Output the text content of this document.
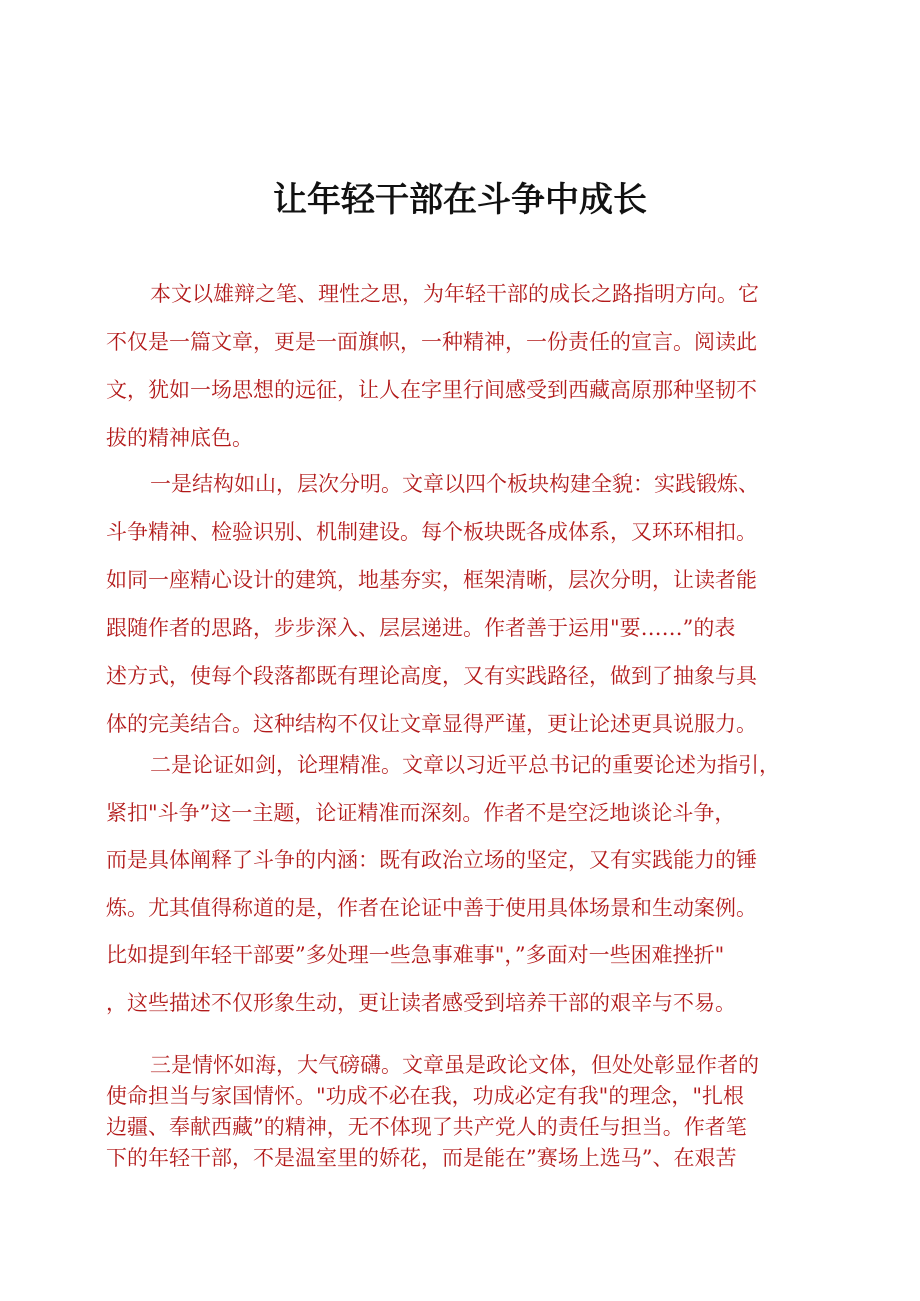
让年轻干部在斗争中成长
本文以雄辩之笔、理性之思，为年轻干部的成长之路指明方向。它
不仅是一篇文章，更是一面旗帜，一种精神，一份责任的宣言。阅读此
文，犹如一场思想的远征，让人在字里行间感受到西藏高原那种坚韧不
拔的精神底色。
一是结构如山，层次分明。文章以四个板块构建全貌：实践锻炼、
斗争精神、检验识别、机制建设。每个板块既各成体系，又环环相扣。
如同一座精心设计的建筑，地基夯实，框架清晰，层次分明，让读者能
跟随作者的思路，步步深入、层层递进。作者善于运用"要……”的表
述方式，使每个段落都既有理论高度，又有实践路径，做到了抽象与具
体的完美结合。这种结构不仅让文章显得严谨，更让论述更具说服力。
二是论证如剑，论理精准。文章以习近平总书记的重要论述为指引，
紧扣"斗争”这一主题，论证精准而深刻。作者不是空泛地谈论斗争，
而是具体阐释了斗争的内涵：既有政治立场的坚定，又有实践能力的锤
炼。尤其值得称道的是，作者在论证中善于使用具体场景和生动案例。
比如提到年轻干部要”多处理一些急事难事"，”多面对一些困难挫折"
，这些描述不仅形象生动，更让读者感受到培养干部的艰辛与不易。
三是情怀如海，大气磅礴。文章虽是政论文体，但处处彰显作者的
使命担当与家国情怀。"功成不必在我，功成必定有我"的理念，"扎根
边疆、奉献西藏”的精神，无不体现了共产党人的责任与担当。作者笔
下的年轻干部，不是温室里的娇花，而是能在”赛场上选马”、在艰苦
